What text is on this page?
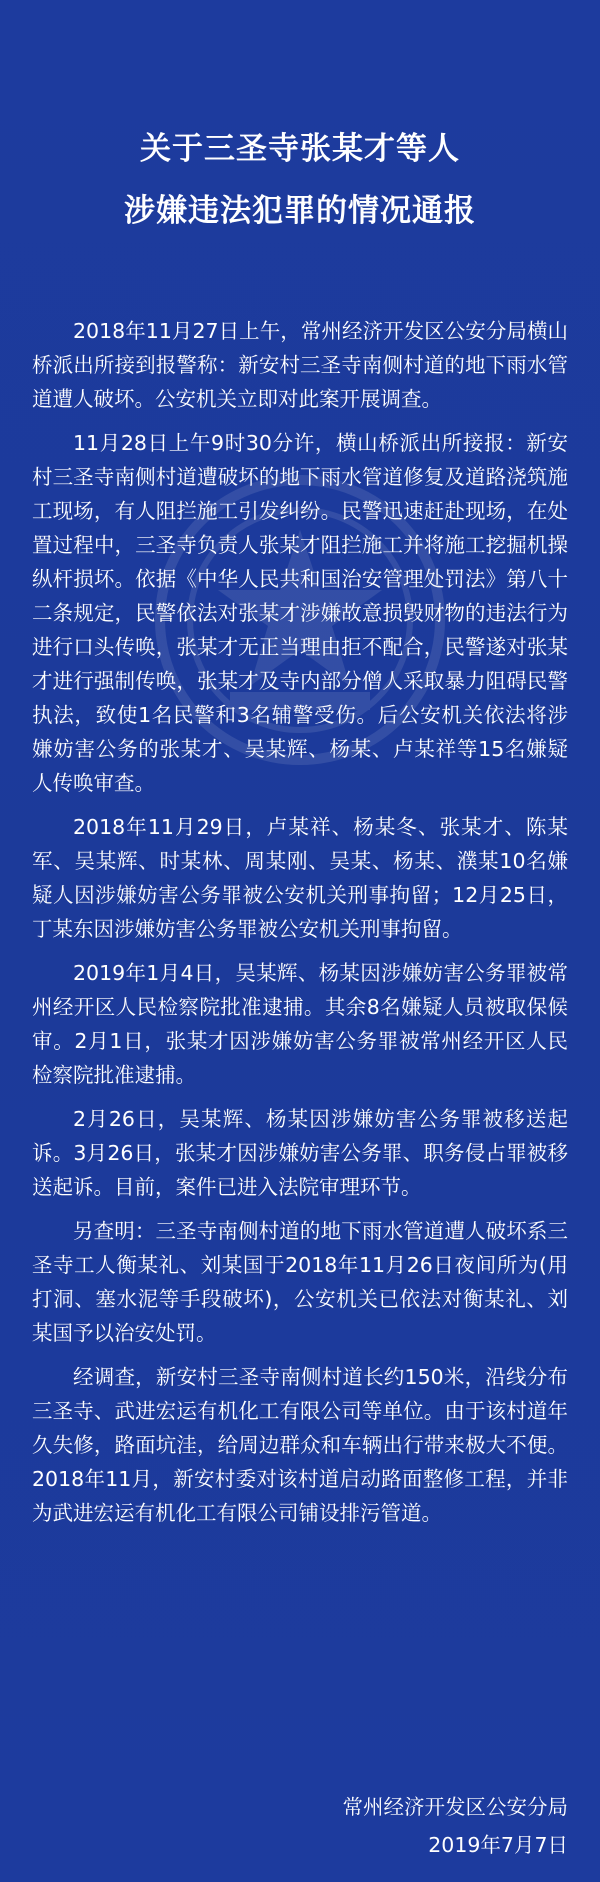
关于三圣寺张某才等人
涉嫌违法犯罪的情况通报

2018年11月27日上午，常州经济开发区公安分局横山桥派出所接到报警称：新安村三圣寺南侧村道的地下雨水管道遭人破坏。公安机关立即对此案开展调查。

11月28日上午9时30分许，横山桥派出所接报：新安村三圣寺南侧村道遭破坏的地下雨水管道修复及道路浇筑施工现场，有人阻拦施工引发纠纷。民警迅速赶赴现场，在处置过程中，三圣寺负责人张某才阻拦施工并将施工挖掘机操纵杆损坏。依据《中华人民共和国治安管理处罚法》第八十二条规定，民警依法对张某才涉嫌故意损毁财物的违法行为进行口头传唤，张某才无正当理由拒不配合，民警遂对张某才进行强制传唤，张某才及寺内部分僧人采取暴力阻碍民警执法，致使1名民警和3名辅警受伤。后公安机关依法将涉嫌妨害公务的张某才、吴某辉、杨某、卢某祥等15名嫌疑人传唤审查。

2018年11月29日，卢某祥、杨某冬、张某才、陈某军、吴某辉、时某林、周某刚、吴某、杨某、濮某10名嫌疑人因涉嫌妨害公务罪被公安机关刑事拘留；12月25日，丁某东因涉嫌妨害公务罪被公安机关刑事拘留。

2019年1月4日，吴某辉、杨某因涉嫌妨害公务罪被常州经开区人民检察院批准逮捕。其余8名嫌疑人员被取保候审。2月1日，张某才因涉嫌妨害公务罪被常州经开区人民检察院批准逮捕。

2月26日，吴某辉、杨某因涉嫌妨害公务罪被移送起诉。3月26日，张某才因涉嫌妨害公务罪、职务侵占罪被移送起诉。目前，案件已进入法院审理环节。

另查明：三圣寺南侧村道的地下雨水管道遭人破坏系三圣寺工人衡某礼、刘某国于2018年11月26日夜间所为(用打洞、塞水泥等手段破坏)，公安机关已依法对衡某礼、刘某国予以治安处罚。

经调查，新安村三圣寺南侧村道长约150米，沿线分布三圣寺、武进宏运有机化工有限公司等单位。由于该村道年久失修，路面坑洼，给周边群众和车辆出行带来极大不便。2018年11月，新安村委对该村道启动路面整修工程，并非为武进宏运有机化工有限公司铺设排污管道。

常州经济开发区公安分局
2019年7月7日
